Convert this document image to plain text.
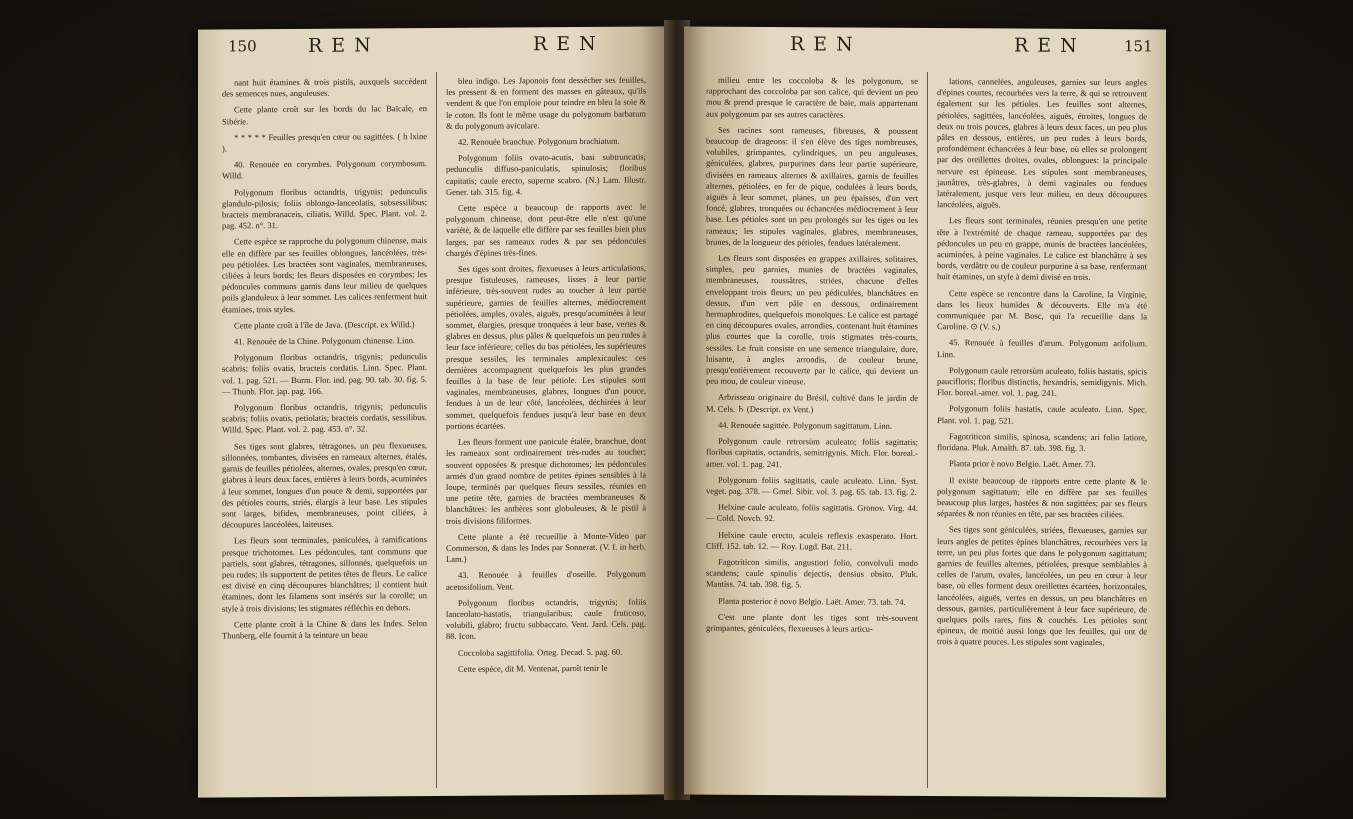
150	REN	REN

nant huit étamines & trois pistils, auxquels succèdent des semences nues, anguleuses.

Cette plante croît sur les bords du lac Baïcale, en Sibérie.

* * * * * Feuilles presqu'en cœur ou sagittées. ( h lxine ).

40. Renouée en corymbes. Polygonum corymbosum. Willd.

Polygonum floribus octandris, trigynis; pedunculis glandulo-pilosis; foliis oblongo-lanceolatis, subsessilibus; bracteis membranaceis, ciliatis. Willd. Spec. Plant. vol. 2. pag. 452. n°. 31.

Cette espèce se rapproche du polygonum chinense, mais elle en diffère par ses feuilles oblongues, lancéolées, très-peu pétiolées. Les bractées sont vaginales, membraneuses, ciliées à leurs bords; les fleurs disposées en corymbes; les pédoncules communs garnis dans leur milieu de quelques poils glanduleux à leur sommet. Les calices renferment huit étamines, trois styles.

Cette plante croît à l'île de Java. (Descript. ex Willd.)

41. Renouée de la Chine. Polygonum chinense. Linn.

Polygonum floribus octandris, trigynis; pedunculis scabris; foliis ovatis, bracteis cordatis. Linn. Spec. Plant. vol. 1. pag. 521. — Burm. Flor. ind. pag. 90. tab. 30. fig. 5. — Thunb. Flor. jap. pag. 166.

Polygonum floribus octandris, trigynis; pedunculis scabris; foliis ovatis, petiolatis; bracteis cordatis, sessilibus. Willd. Spec. Plant. vol. 2. pag. 453. n°. 32.

Ses tiges sont glabres, tétragones, un peu flexueuses, sillonnées, tombantes, divisées en rameaux alternes, étalés, garnis de feuilles pétiolées, alternes, ovales, presqu'en cœur, glabres à leurs deux faces, entières à leurs bords, acuminées à leur sommet, longues d'un pouce & demi, supportées par des pétioles courts, striés, élargis à leur base. Les stipules sont larges, bifides, membraneuses, point ciliées, à découpures lancéolées, laiteuses.

Les fleurs sont terminales, paniculées, à ramifications presque trichotomes. Les pédoncules, tant communs que partiels, sont glabres, tétragones, sillonnés, quelquefois un peu rudes; ils supportent de petites têtes de fleurs. Le calice est divisé en cinq découpures blanchâtres; il contient huit étamines, dont les filamens sont insérés sur la corolle; un style à trois divisions; les stigmates réfléchis en dehors.

Cette plante croît à la Chine & dans les Indes. Selon Thunberg, elle fournit à la teinture un beau

bleu indigo. Les Japonois font dessécher ses feuilles, les pressent & en forment des masses en gâteaux, qu'ils vendent & que l'on emploie pour teindre en bleu la soie & le coton. Ils font le même usage du polygonum barbatum & du polygonum aviculare.

42. Renouée branchue. Polygonum brachiatum.

Polygonum foliis ovato-acutis, basi subtruncatis; pedunculis diffuso-paniculatis, spinulosis; floribus capitatis; caule erecto, superne scabro. (N.) Lam. Illustr. Gener. tab. 315. fig. 4.

Cette espèce a beaucoup de rapports avec le polygonum chinense, dont peut-être elle n'est qu'une variété, & de laquelle elle diffère par ses feuilles bien plus larges, par ses rameaux rudes & par ses pédoncules chargés d'épines très-fines.

Ses tiges sont droites, flexueuses à leurs articulations, presque fistuleuses, rameuses, lisses à leur partie inférieure, très-souvent rudes au toucher à leur partie supérieure, garnies de feuilles alternes, médiocrement pétiolées, amples, ovales, aiguës, presqu'acuminées à leur sommet, élargies, presque tronquées à leur base, vertes & glabres en dessus, plus pâles & quelquefois un peu rudes à leur face inférieure; celles du bas pétiolées, les supérieures presque sessiles, les terminales amplexicaules: ces dernières accompagnent quelquefois les plus grandes feuilles à la base de leur pétiole. Les stipules sont vaginales, membraneuses, glabres, longues d'un pouce, fendues à un de leur côté, lancéolées, déchirées à leur sommet, quelquefois fendues jusqu'à leur base en deux portions écartées.

Les fleurs forment une panicule étalée, branchue, dont les rameaux sont ordinairement très-rudes au toucher; souvent opposées & presque dichotomes; les pédoncules armés d'un grand nombre de petites épines sensibles à la loupe, terminés par quelques fleurs sessiles, réunies en une petite tête, garnies de bractées membraneuses & blanchâtres: les anthères sont globuleuses, & le pistil à trois divisions filiformes.

Cette plante a été recueillie à Monte-Video par Commerson, & dans les Indes par Sonnerat. (V. f. in herb. Lam.)

43. Renouée à feuilles d'oseille. Polygonum acetosifolium. Vent.

Polygonum floribus octandris, trigynis; foliis lanceolato-hastatis, triangularibus; caule fruticoso, volubili, glabro; fructu subbaccato. Vent. Jard. Cels. pag. 88. Icon.

Coccoloba sagittifolia. Orteg. Decad. 5. pag. 60.

Cette espèce, dit M. Ventenat, paroît tenir le

REN	REN	151

milieu entre les coccoloba & les polygonum, se rapprochant des coccoloba par son calice, qui devient un peu mou & prend presque le caractère de baie, mais appartenant aux polygonum par ses autres caractères.

Ses racines sont rameuses, fibreuses, & poussent beaucoup de drageons: il s'en élève des tiges nombreuses, volubiles, grimpantes, cylindriques, un peu anguleuses, géniculées, glabres, purpurines dans leur partie supérieure, divisées en rameaux alternes & axillaires, garnis de feuilles alternes, pétiolées, en fer de pique, ondulées à leurs bords, aiguës à leur sommet, planes, un peu épaisses, d'un vert foncé, glabres, tronquées ou échancrées médiocrement à leur base. Les pétioles sont un peu prolongés sur les tiges ou les rameaux; les stipules vaginales, glabres, membraneuses, brunes, de la longueur des pétioles, fendues latéralement.

Les fleurs sont disposées en grappes axillaires, solitaires, simples, peu garnies, munies de bractées vaginales, membraneuses, roussâtres, striées, chacune d'elles enveloppant trois fleurs; un peu pédiculées, blanchâtres en dessus, d'un vert pâle en dessous, ordinairement hermaphrodites, quelquefois monoïques. Le calice est partagé en cinq découpures ovales, arrondies, contenant huit étamines plus courtes que la corolle, trois stigmates très-courts, sessiles. Le fruit consiste en une semence triangulaire, dure, luisante, à angles arrondis, de couleur brune, presqu'entièrement recouverte par le calice, qui devient un peu mou, de couleur vineuse.

Arbrisseau originaire du Brésil, cultivé dans le jardin de M. Cels. ♄ (Descript. ex Vent.)

44. Renouée sagittée. Polygonum sagittatum. Linn.

Polygonum caule retrorsùm aculeato; foliis sagittatis; floribus capitatis, octandris, semitrigynis. Mich. Flor. boreal.-amer. vol. 1. pag. 241.

Polygonum foliis sagittatis, caule aculeato. Linn. Syst. veget. pag. 378. — Gmel. Sibir. vol. 3. pag. 65. tab. 13. fig. 2.

Helxine caule aculeato, foliis sagittatis. Gronov. Virg. 44. — Cold. Novcb. 92.

Helxine caule erecto, aculeis reflexis exasperato. Hort. Cliff. 152. tab. 12. — Roy. Lugd. Bat. 211.

Fagotriticon similis, angustiori folio, convolvuli modo scandens; caule spinulis dejectis, densius obsito. Pluk. Mantiss. 74. tab. 398. fig. 5.

Planta posterior è novo Belgio. Laët. Amer. 73. tab. 74.

C'est une plante dont les tiges sont très-souvent grimpantes, géniculées, flexueuses à leurs articu-

lations, cannelées, anguleuses, garnies sur leurs angles d'épines courtes, recourbées vers la terre, & qui se retrouvent également sur les pétioles. Les feuilles sont alternes, pétiolées, sagittées, lancéolées, aiguës, étroites, longues de deux ou trois pouces, glabres à leurs deux faces, un peu plus pâles en dessous, entières, un peu rudes à leurs bords, profondément échancrées à leur base, où elles se prolongent par des oreillettes droites, ovales, oblongues: la principale nervure est épineuse. Les stipules sont membraneuses, jaunâtres, très-glabres, à demi vaginales ou fendues latéralement, jusque vers leur milieu, en deux découpures lancéolées, aiguës.

Les fleurs sont terminales, réunies presqu'en une petite tête à l'extrémité de chaque rameau, supportées par des pédoncules un peu en grappe, munis de bractées lancéolées, acuminées, à peine vaginales. Le calice est blanchâtre à ses bords, verdâtre ou de couleur purpurine à sa base, renfermant huit étamines, un style à demi divisé en trois.

Cette espèce se rencontre dans la Caroline, la Virginie, dans les lieux humides & découverts. Elle m'a été communiquée par M. Bosc, qui l'a recueillie dans la Caroline. ⊙ (V. s.)

45. Renouée à feuilles d'arum. Polygonum arifolium. Linn.

Polygonum caule retrorsùm aculeato, foliis hastatis, spicis paucifloris; floribus distinctis, hexandris, semidigynis. Mich. Flor. boreal.-amer. vol. 1. pag. 241.

Polygonum foliis hastatis, caule aculeato. Linn. Spec. Plant. vol. 1. pag. 521.

Fagotriticon similis, spinosa, scandens; ari folio latiore, floridana. Pluk. Amalth. 87. tab. 398. fig. 3.

Planta prior è novo Belgio. Laët. Amer. 73.

Il existe beaucoup de rapports entre cette plante & le polygonum sagittatum; elle en diffère par ses feuilles beaucoup plus larges, hastées & non sagittées; par ses fleurs séparées & non réunies en tête, par ses bractées ciliées.

Ses tiges sont géniculées, striées, flexueuses, garnies sur leurs angles de petites épines blanchâtres, recourbées vers la terre, un peu plus fortes que dans le polygonum sagittatum; garnies de feuilles alternes, pétiolées, presque semblables à celles de l'arum, ovales, lancéolées, un peu en cœur à leur base, où elles forment deux oreillettes écartées, horizontales, lancéolées, aiguës, vertes en dessus, un peu blanchâtres en dessous, garnies, particulièrement à leur face supérieure, de quelques poils rares, fins & couchés. Les pétioles sont épineux, de moitié aussi longs que les feuilles, qui ont de trois à quatre pouces. Les stipules sont vaginales,
